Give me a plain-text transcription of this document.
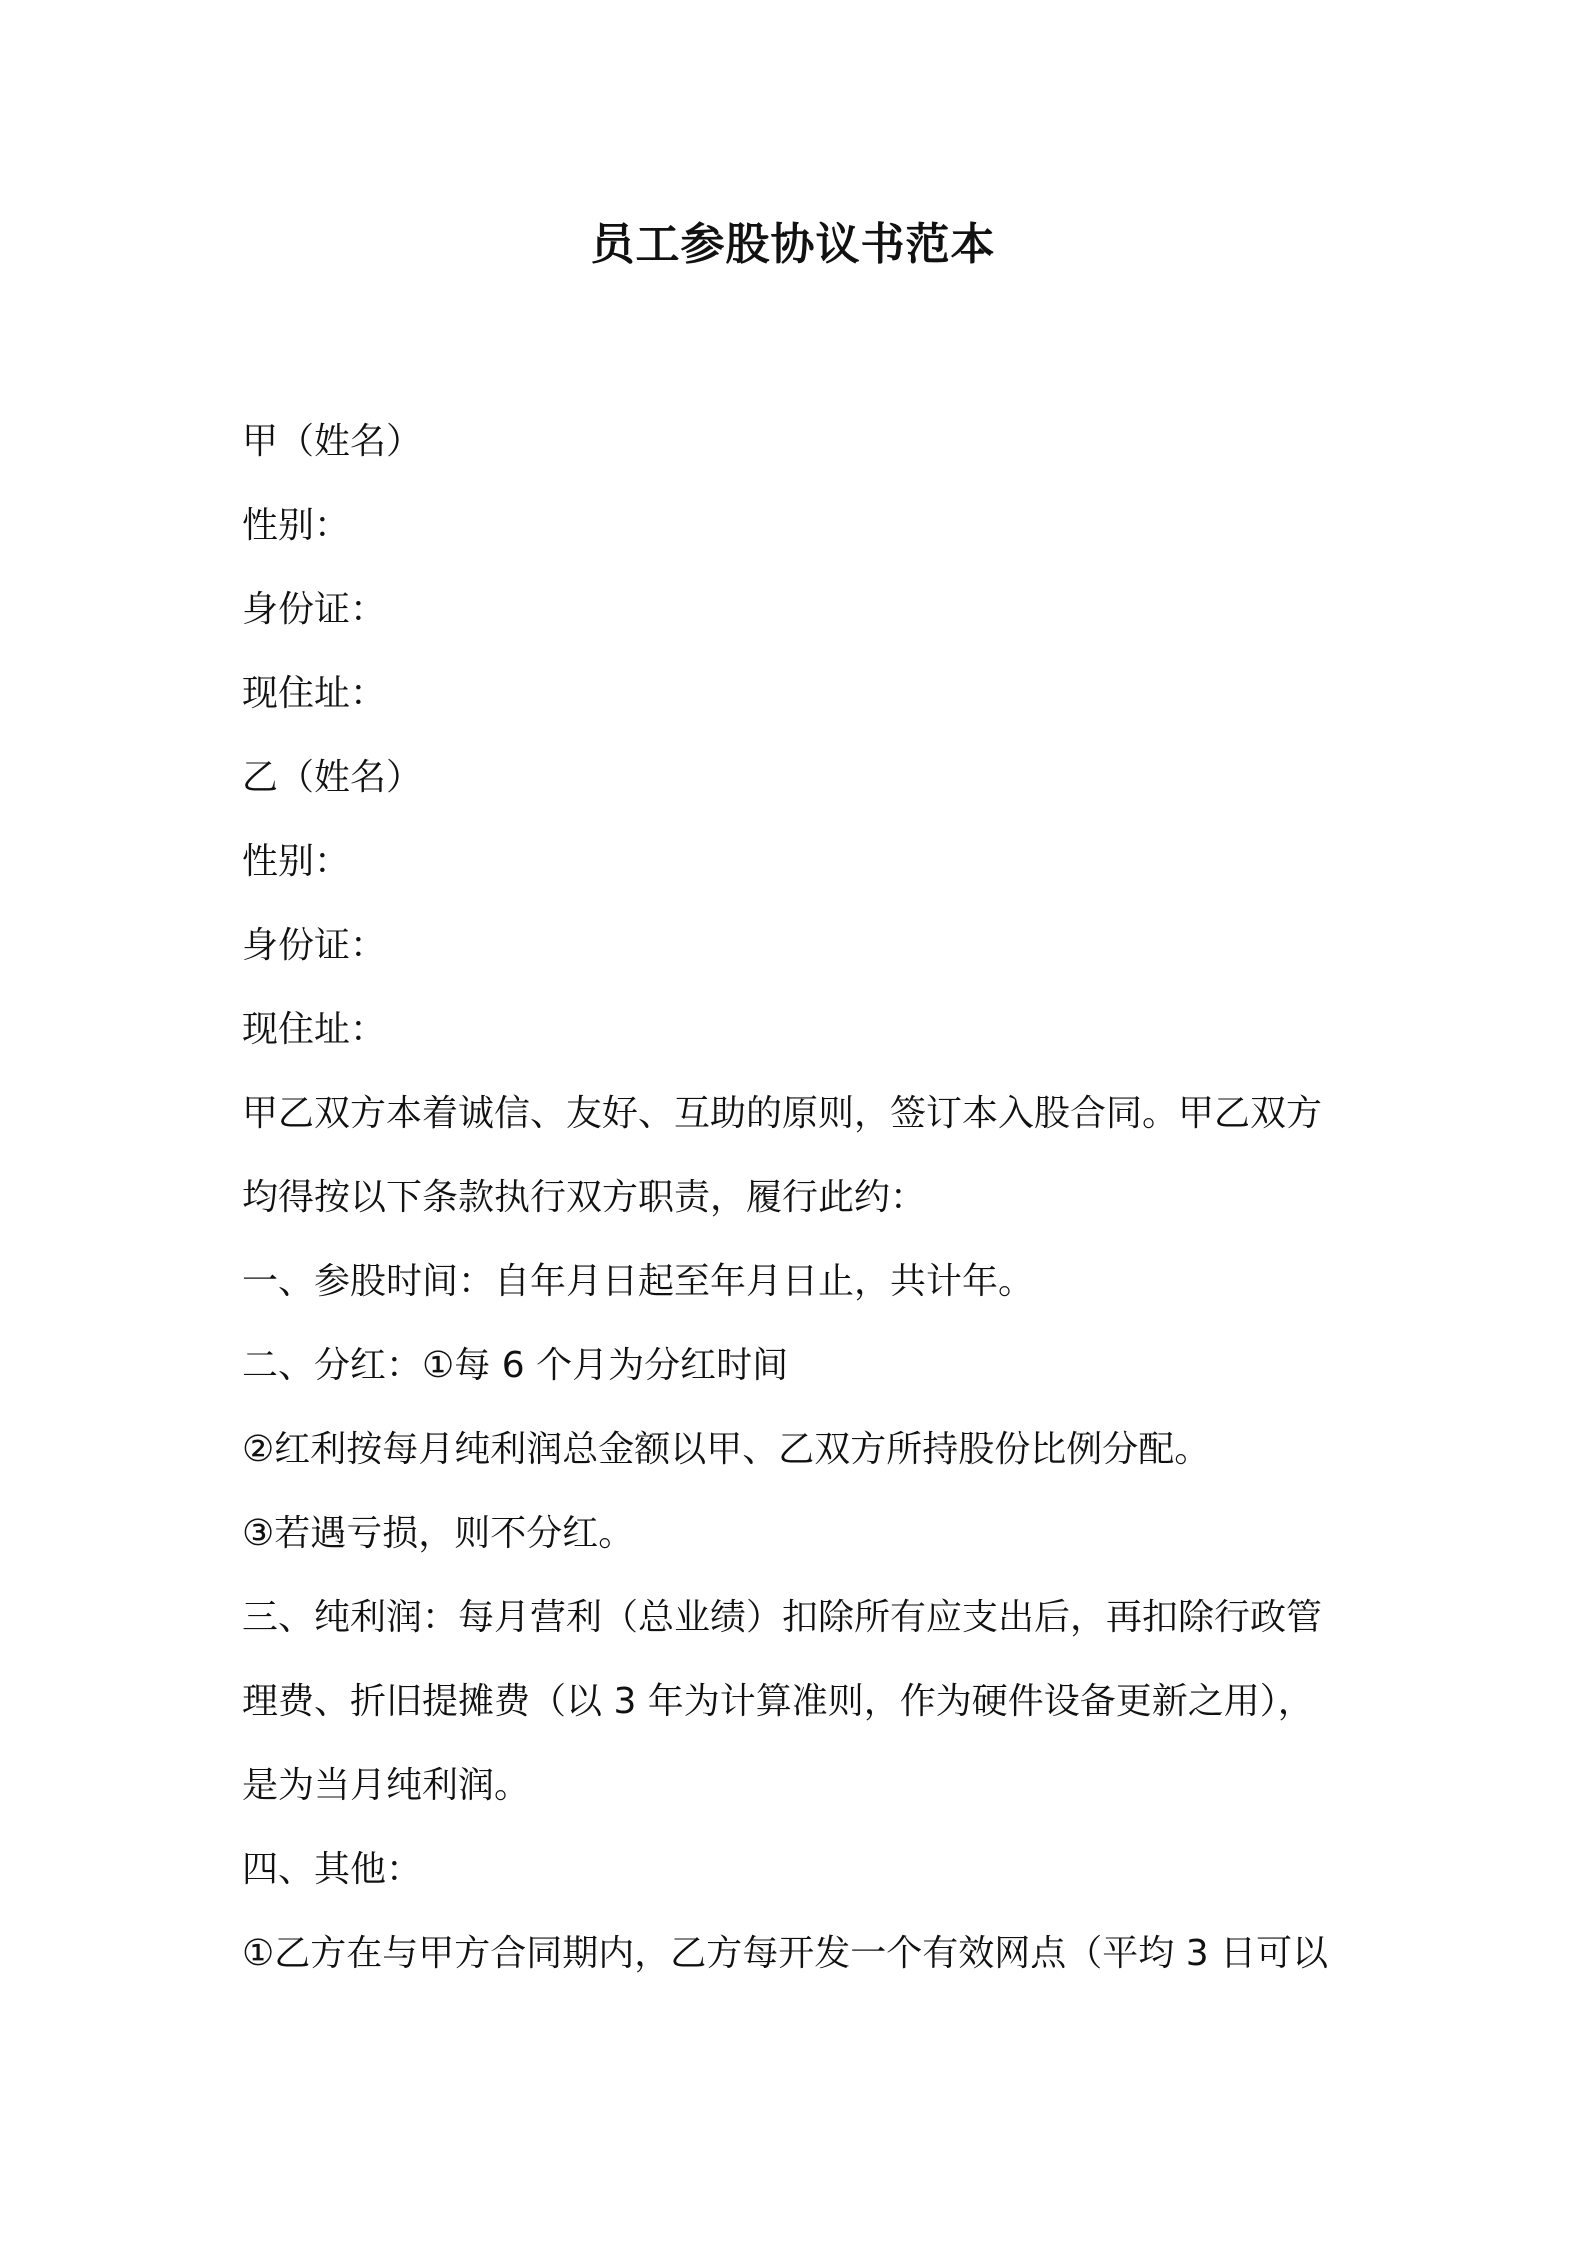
员工参股协议书范本

甲（姓名）

性别：

身份证：

现住址：

乙（姓名）

性别：

身份证：

现住址：

甲乙双方本着诚信、友好、互助的原则，签订本入股合同。甲乙双方

均得按以下条款执行双方职责，履行此约：

一、参股时间：自年月日起至年月日止，共计年。

二、分红：①每 6 个月为分红时间

②红利按每月纯利润总金额以甲、乙双方所持股份比例分配。

③若遇亏损，则不分红。

三、纯利润：每月营利（总业绩）扣除所有应支出后，再扣除行政管

理费、折旧提摊费（以 3 年为计算准则，作为硬件设备更新之用），

是为当月纯利润。

四、其他：

①乙方在与甲方合同期内，乙方每开发一个有效网点（平均 3 日可以
